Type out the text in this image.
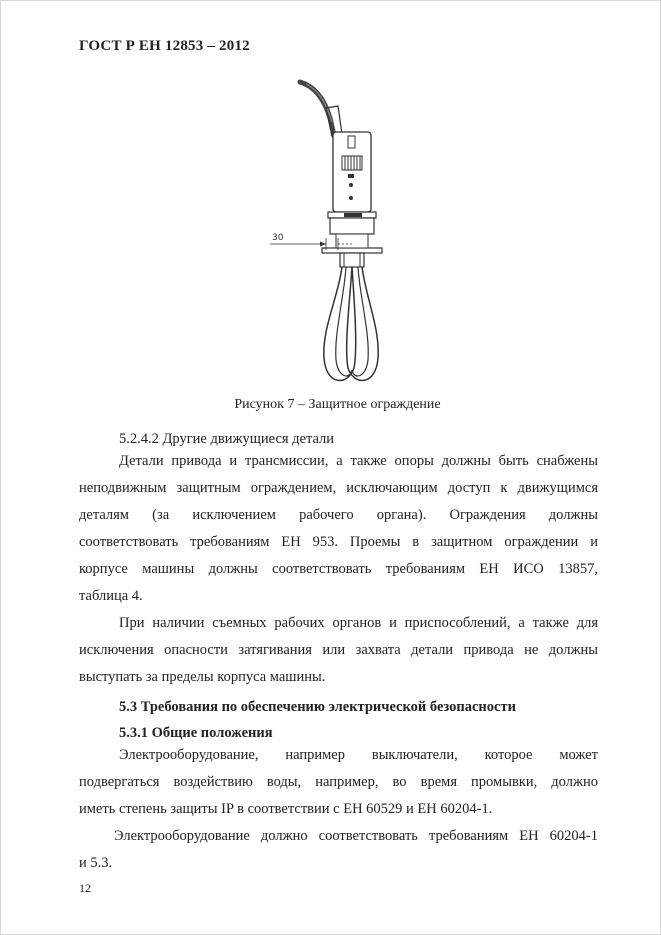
ГОСТ Р ЕН 12853 – 2012
30
Рисунок 7 – Защитное ограждение
5.2.4.2 Другие движущиеся детали
Детали привода и трансмиссии, а также опоры должны быть снабжены
неподвижным защитным ограждением, исключающим доступ к движущимся
деталям (за исключением рабочего органа). Ограждения должны
соответствовать требованиям ЕН 953. Проемы в защитном ограждении и
корпусе машины должны соответствовать требованиям ЕН ИСО 13857,
таблица 4.
При наличии съемных рабочих органов и приспособлений, а также для
исключения опасности затягивания или захвата детали привода не должны
выступать за пределы корпуса машины.
5.3 Требования по обеспечению электрической безопасности
5.3.1 Общие положения
Электрооборудование, например выключатели, которое может
подвергаться воздействию воды, например, во время промывки, должно
иметь степень защиты IP в соответствии с ЕН 60529 и ЕН 60204-1.
Электрооборудование должно соответствовать требованиям ЕН 60204-1
и 5.3.
12
